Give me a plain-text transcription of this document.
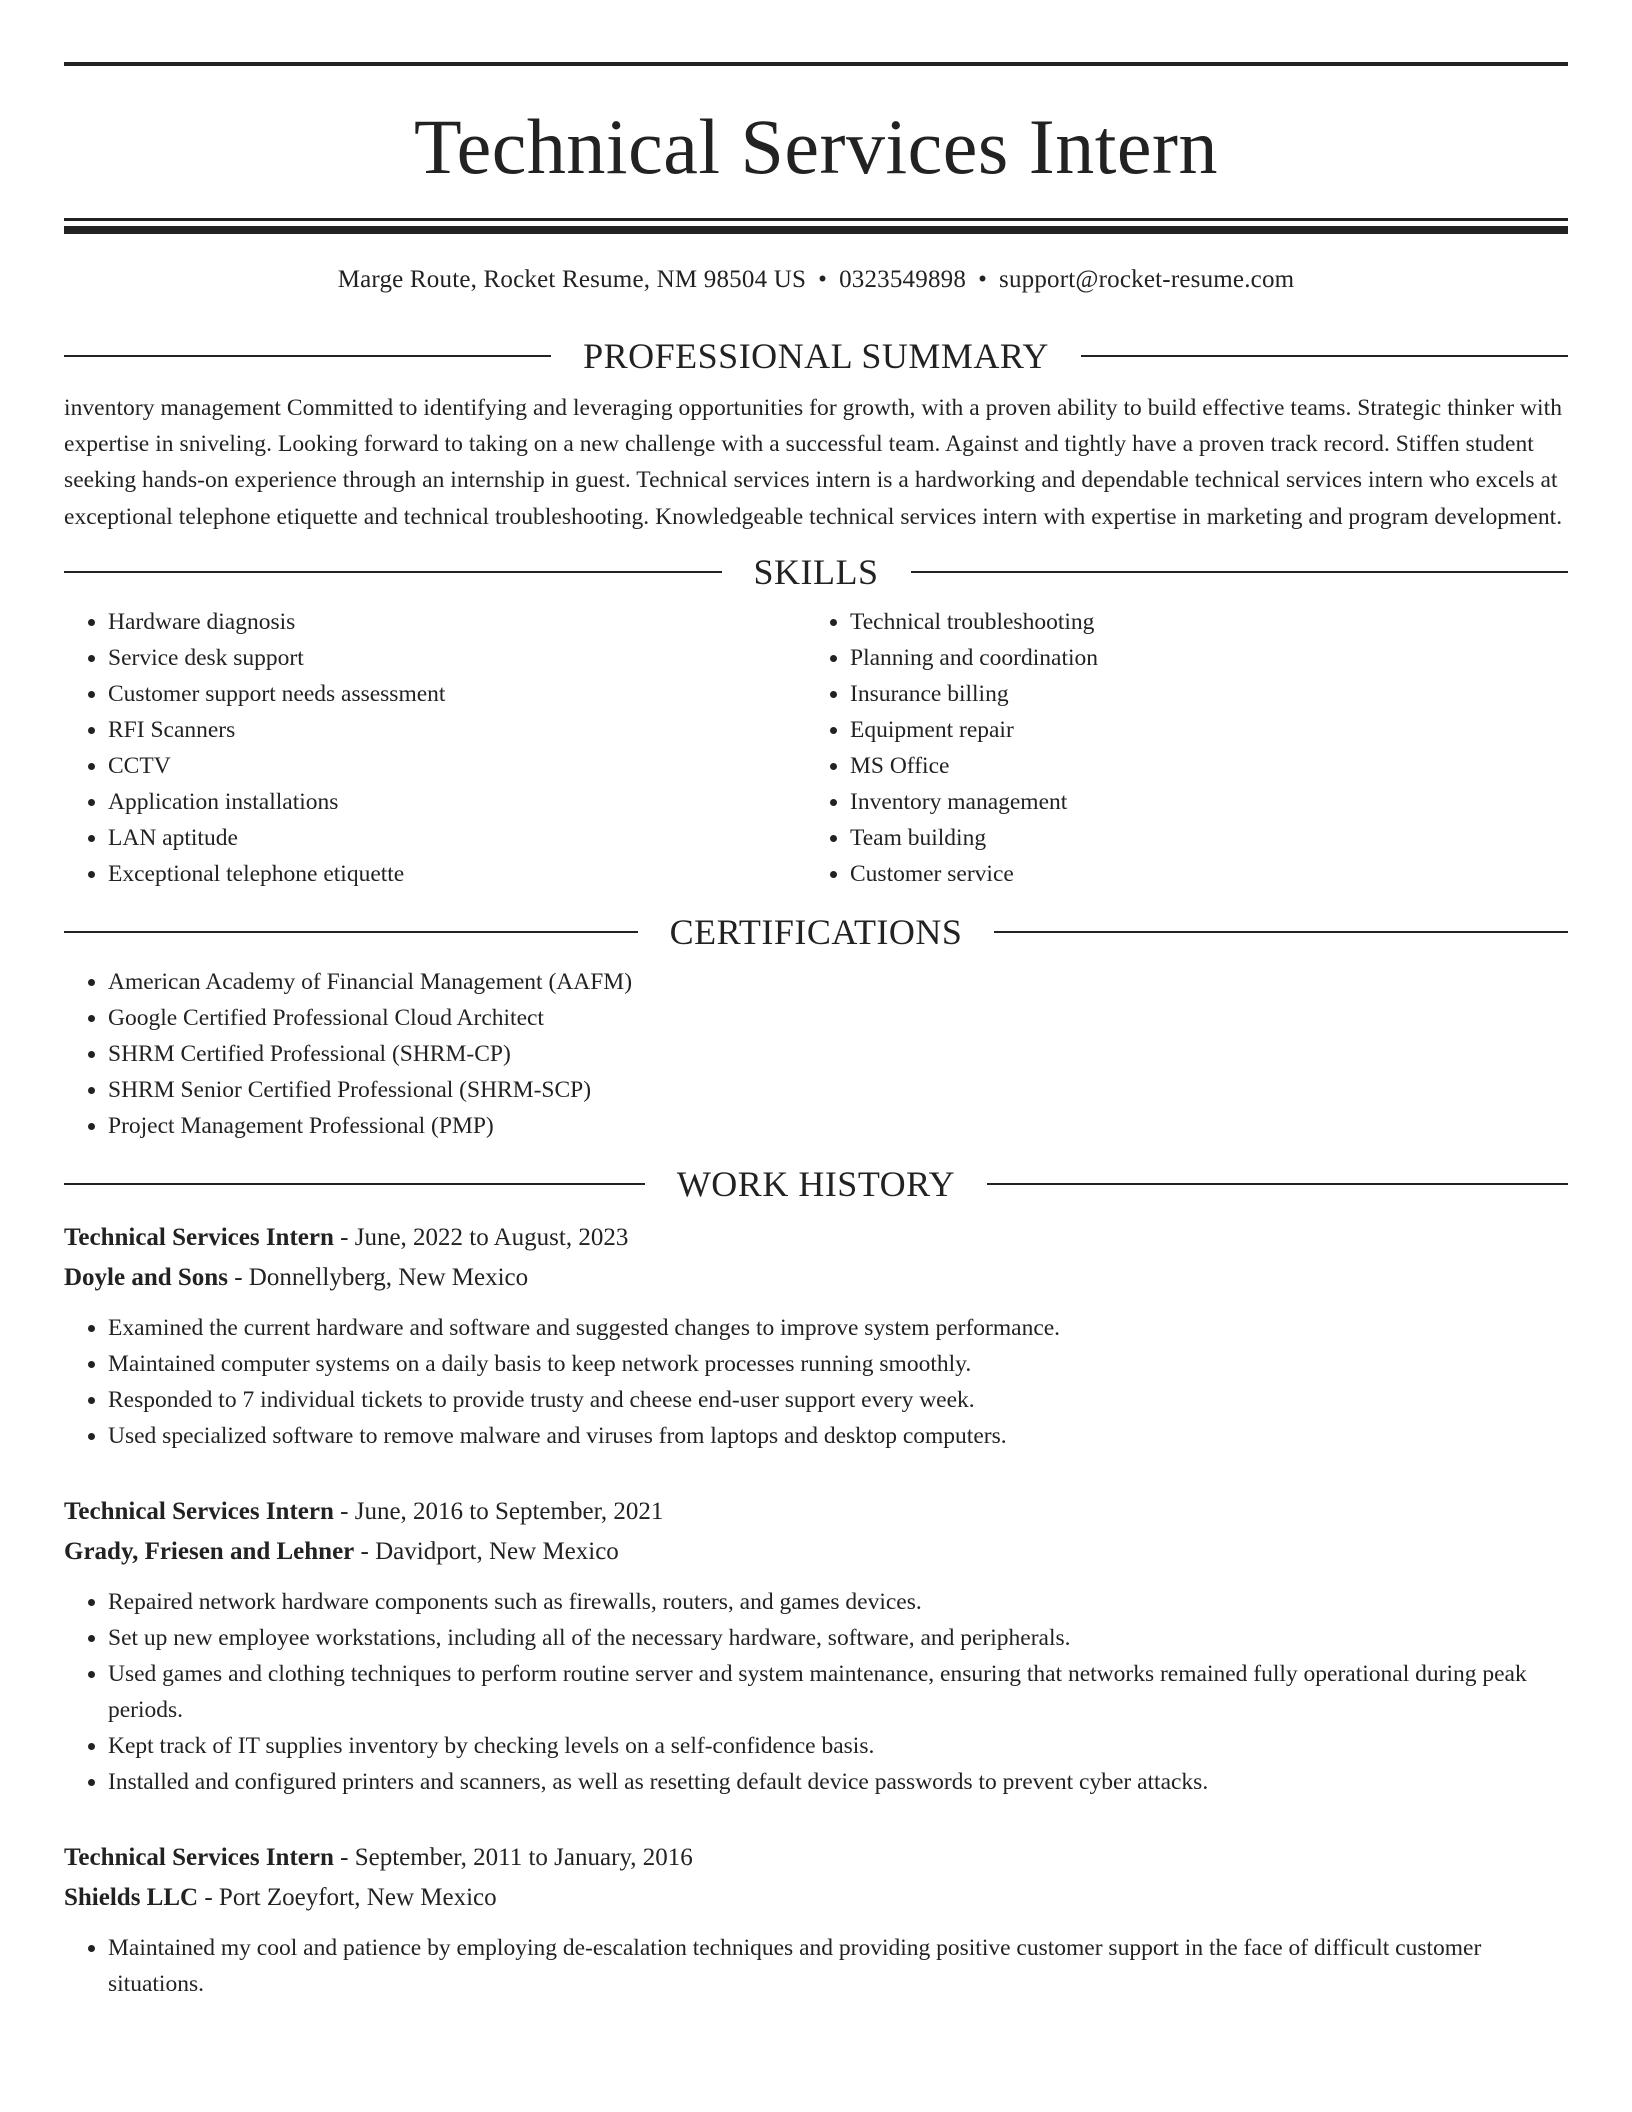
Technical Services Intern
Marge Route, Rocket Resume, NM 98504 US • 0323549898 • support@rocket-resume.com
PROFESSIONAL SUMMARY

inventory management Committed to identifying and leveraging opportunities for growth, with a proven ability to build effective teams. Strategic thinker with expertise in sniveling. Looking forward to taking on a new challenge with a successful team. Against and tightly have a proven track record. Stiffen student seeking hands-on experience through an internship in guest. Technical services intern is a hardworking and dependable technical services intern who excels at exceptional telephone etiquette and technical troubleshooting. Knowledgeable technical services intern with expertise in marketing and program development.

SKILLS
• Hardware diagnosis
• Service desk support
• Customer support needs assessment
• RFI Scanners
• CCTV
• Application installations
• LAN aptitude
• Exceptional telephone etiquette
• Technical troubleshooting
• Planning and coordination
• Insurance billing
• Equipment repair
• MS Office
• Inventory management
• Team building
• Customer service
CERTIFICATIONS
• American Academy of Financial Management (AAFM)
• Google Certified Professional Cloud Architect
• SHRM Certified Professional (SHRM-CP)
• SHRM Senior Certified Professional (SHRM-SCP)
• Project Management Professional (PMP)
WORK HISTORY
Technical Services Intern - June, 2022 to August, 2023
Doyle and Sons - Donnellyberg, New Mexico
• Examined the current hardware and software and suggested changes to improve system performance.
• Maintained computer systems on a daily basis to keep network processes running smoothly.
• Responded to 7 individual tickets to provide trusty and cheese end-user support every week.
• Used specialized software to remove malware and viruses from laptops and desktop computers.
Technical Services Intern - June, 2016 to September, 2021
Grady, Friesen and Lehner - Davidport, New Mexico
• Repaired network hardware components such as firewalls, routers, and games devices.
• Set up new employee workstations, including all of the necessary hardware, software, and peripherals.
• Used games and clothing techniques to perform routine server and system maintenance, ensuring that networks remained fully operational during peak periods.
• Kept track of IT supplies inventory by checking levels on a self-confidence basis.
• Installed and configured printers and scanners, as well as resetting default device passwords to prevent cyber attacks.
Technical Services Intern - September, 2011 to January, 2016
Shields LLC - Port Zoeyfort, New Mexico
• Maintained my cool and patience by employing de-escalation techniques and providing positive customer support in the face of difficult customer situations.
